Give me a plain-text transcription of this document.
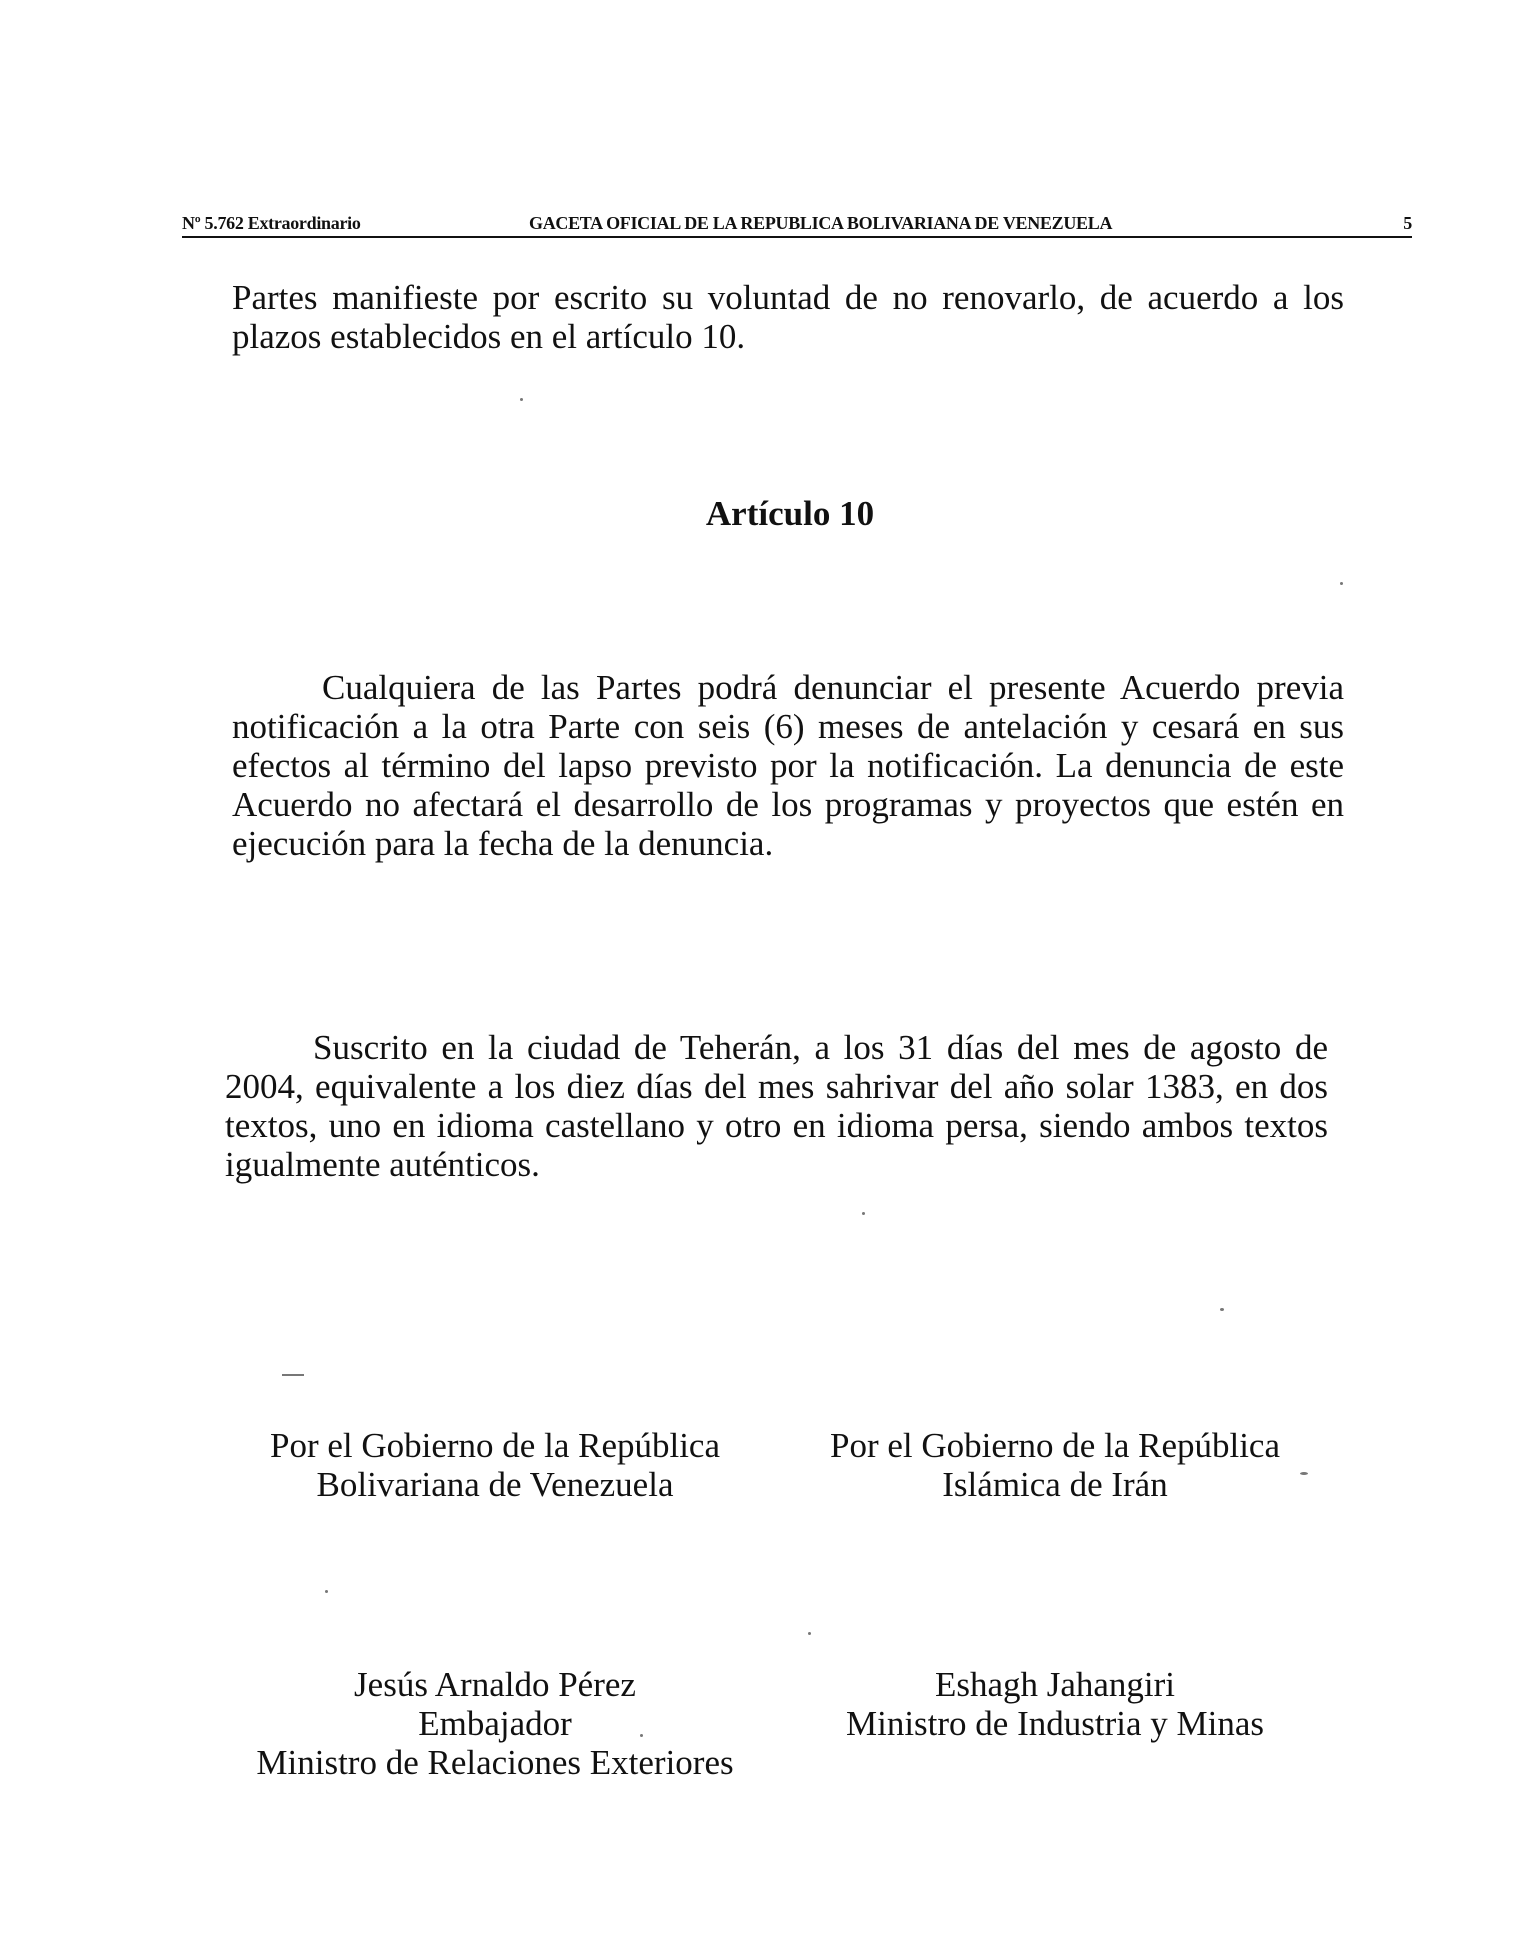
Nº 5.762 Extraordinario	GACETA OFICIAL DE LA REPUBLICA BOLIVARIANA DE VENEZUELA	5
Partes manifieste por escrito su voluntad de no renovarlo, de acuerdo a los plazos establecidos en el artículo 10.
Artículo 10
Cualquiera de las Partes podrá denunciar el presente Acuerdo previa notificación a la otra Parte con seis (6) meses de antelación y cesará en sus efectos al término del lapso previsto por la notificación. La denuncia de este Acuerdo no afectará el desarrollo de los programas y proyectos que estén en ejecución para la fecha de la denuncia.
Suscrito en la ciudad de Teherán, a los 31 días del mes de agosto de 2004, equivalente a los diez días del mes sahrivar del año solar 1383, en dos textos, uno en idioma castellano y otro en idioma persa, siendo ambos textos igualmente auténticos.
Por el Gobierno de la República
Bolivariana de Venezuela
Por el Gobierno de la República
Islámica de Irán
Jesús Arnaldo Pérez
Embajador
Ministro de Relaciones Exteriores
Eshagh Jahangiri
Ministro de Industria y Minas
